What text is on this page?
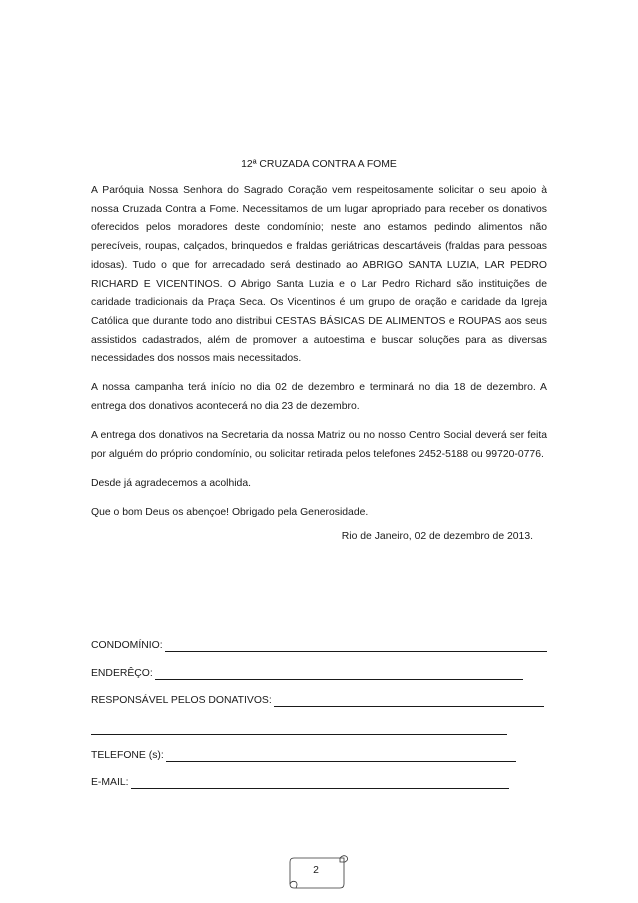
12ª CRUZADA CONTRA A FOME

A Paróquia Nossa Senhora do Sagrado Coração vem respeitosamente solicitar o seu apoio à nossa Cruzada Contra a Fome. Necessitamos de um lugar apropriado para receber os donativos oferecidos pelos moradores deste condomínio; neste ano estamos pedindo alimentos não perecíveis, roupas, calçados, brinquedos e fraldas geriátricas descartáveis (fraldas para pessoas idosas). Tudo o que for arrecadado será destinado ao ABRIGO SANTA LUZIA, LAR PEDRO RICHARD E VICENTINOS. O Abrigo Santa Luzia e o Lar Pedro Richard são instituições de caridade tradicionais da Praça Seca. Os Vicentinos é um grupo de oração e caridade da Igreja Católica que durante todo ano distribui CESTAS BÁSICAS DE ALIMENTOS e ROUPAS aos seus assistidos cadastrados, além de promover a autoestima e buscar soluções para as diversas necessidades dos nossos mais necessitados.

A nossa campanha terá início no dia 02 de dezembro e terminará no dia 18 de dezembro. A entrega dos donativos acontecerá no dia 23 de dezembro.

A entrega dos donativos na Secretaria da nossa Matriz ou no nosso Centro Social deverá ser feita por alguém do próprio condomínio, ou solicitar retirada pelos telefones 2452-5188 ou 99720-0776.

Desde já agradecemos a acolhida.

Que o bom Deus os abençoe! Obrigado pela Generosidade.

Rio de Janeiro, 02 de dezembro de 2013.

CONDOMÍNIO:
ENDERÊÇO:
RESPONSÁVEL PELOS DONATIVOS:
TELEFONE (s):
E-MAIL:
2
